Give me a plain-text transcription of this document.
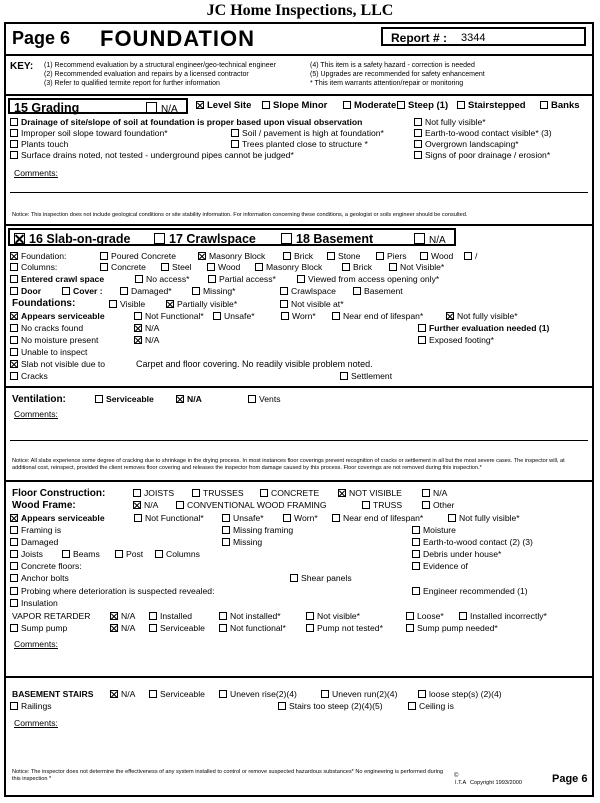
JC Home Inspections, LLC
Page 6 FOUNDATION	Report # : 3344
KEY: (1) Recommend evaluation by a structural engineer/geo-technical engineer
(2) Recommended evaluation and repairs by a licensed contractor
(3) Refer to qualified termite report for further information
(4) This item is a safety hazard - correction is needed
(5) Upgrades are recommended for safety enhancement
* This item warrants attention/repair or monitoring
15 Grading	N/A	Level Site	Slope Minor	Moderate	Steep (1)	Stairstepped	Banks
Drainage of site/slope of soil at foundation is proper based upon visual observation	Not fully visible*
Improper soil slope toward foundation*	Soil / pavement is high at foundation*	Earth-to-wood contact visible* (3)
Plants touch	Trees planted close to structure *	Overgrown landscaping*
Surface drains noted, not tested - underground pipes cannot be judged*	Signs of poor drainage / erosion*
Comments:
Notice: This inspection does not include geological conditions or site stability information. For information concerning these conditions, a geologist or soils engineer should be consulted.
16 Slab-on-grade	17 Crawlspace	18 Basement	N/A
Foundation:	Poured Concrete	Masonry Block	Brick	Stone	Piers	Wood	/
Columns:	Concrete	Steel	Wood	Masonry Block	Brick	Not Visible*
Entered crawl space	No access*	Partial access*	Viewed from access opening only*
Door	Cover :	Damaged*	Missing*	Crawlspace	Basement
Foundations:	Visible	Partially visible*	Not visible at*
Appears serviceable	Not Functional*	Unsafe*	Worn*	Near end of lifespan*	Not fully visible*
No cracks found	N/A	Further evaluation needed (1)
No moisture present	N/A	Exposed footing*
Unable to inspect
Slab not visible due to	Carpet and floor covering. No readily visible problem noted.
Cracks	Settlement
Ventilation:	Serviceable	N/A	Vents
Comments:
Notice: All slabs experience some degree of cracking due to shrinkage in the drying process. In most instances floor coverings prevent recognition of cracks or settlement in all but the most severe cases. The inspector will, at additional cost, reinspect, provided the client removes floor covering and releases the inspector from damage caused by this process. Floor coverings are not removed during this inspection.*
Floor Construction:	JOISTS	TRUSSES	CONCRETE	NOT VISIBLE	N/A
Wood Frame:	N/A	CONVENTIONAL WOOD FRAMING	TRUSS	Other
Appears serviceable	Not Functional*	Unsafe*	Worn*	Near end of lifespan*	Not fully visible*
Framing is	Missing framing	Moisture
Damaged	Missing	Earth-to-wood contact (2) (3)
Joists	Beams	Post	Columns	Debris under house*
Concrete floors:	Evidence of
Anchor bolts	Shear panels
Probing where deterioration is suspected revealed:	Engineer recommended (1)
Insulation
VAPOR RETARDER	N/A	Installed	Not installed*	Not visible*	Loose*	Installed incorrectly*
Sump pump	N/A	Serviceable	Not functional*	Pump not tested*	Sump pump needed*
Comments:
BASEMENT STAIRS	N/A	Serviceable	Uneven rise(2)(4)	Uneven run(2)(4)	loose step(s) (2)(4)
Railings	Stairs too steep (2)(4)(5)	Ceiling is
Comments:
Notice: The inspector does not determine the effectiveness of any system installed to control or remove suspected hazardous substances* No engineering is performed during this inspection *	©
I.T.A Copyright 1993/2000	Page 6
